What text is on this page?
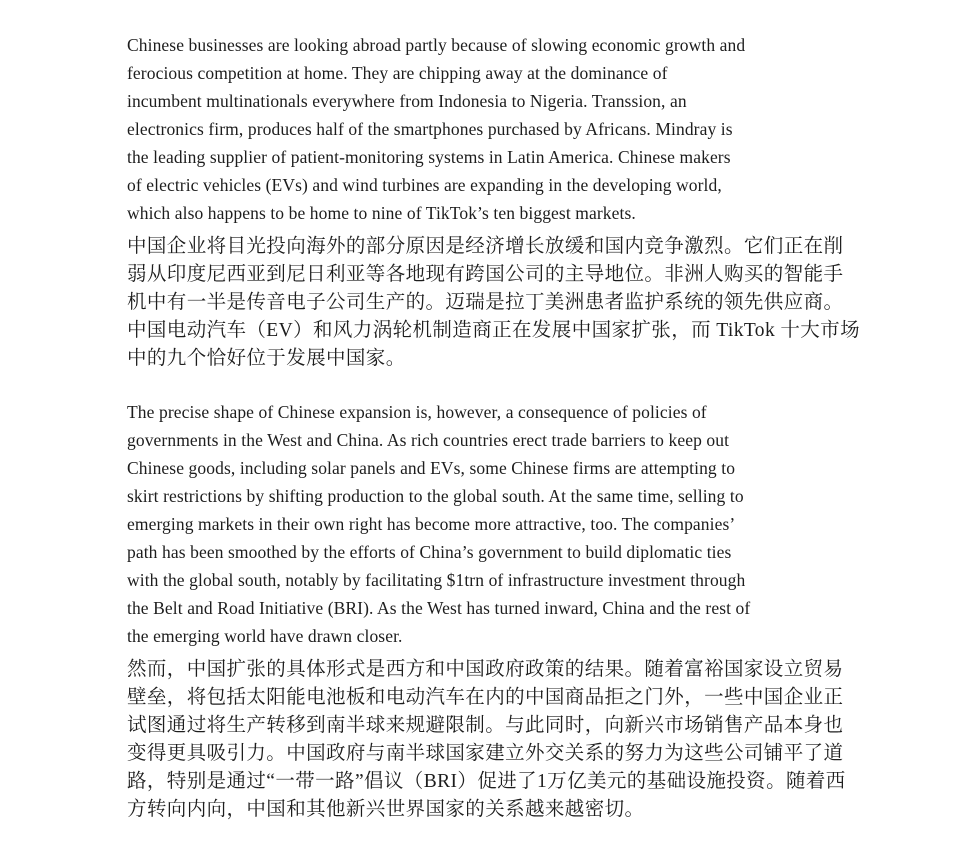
Chinese businesses are looking abroad partly because of slowing economic growth and
ferocious competition at home. They are chipping away at the dominance of
incumbent multinationals everywhere from Indonesia to Nigeria. Transsion, an
electronics firm, produces half of the smartphones purchased by Africans. Mindray is
the leading supplier of patient-monitoring systems in Latin America. Chinese makers
of electric vehicles (EVs) and wind turbines are expanding in the developing world,
which also happens to be home to nine of TikTok’s ten biggest markets.

中国企业将目光投向海外的部分原因是经济增长放缓和国内竞争激烈。它们正在削
弱从印度尼西亚到尼日利亚等各地现有跨国公司的主导地位。非洲人购买的智能手
机中有一半是传音电子公司生产的。迈瑞是拉丁美洲患者监护系统的领先供应商。
中国电动汽车（EV）和风力涡轮机制造商正在发展中国家扩张，而 TikTok 十大市场
中的九个恰好位于发展中国家。

The precise shape of Chinese expansion is, however, a consequence of policies of
governments in the West and China. As rich countries erect trade barriers to keep out
Chinese goods, including solar panels and EVs, some Chinese firms are attempting to
skirt restrictions by shifting production to the global south. At the same time, selling to
emerging markets in their own right has become more attractive, too. The companies’
path has been smoothed by the efforts of China’s government to build diplomatic ties
with the global south, notably by facilitating $1trn of infrastructure investment through
the Belt and Road Initiative (BRI). As the West has turned inward, China and the rest of
the emerging world have drawn closer.

然而，中国扩张的具体形式是西方和中国政府政策的结果。随着富裕国家设立贸易
壁垒，将包括太阳能电池板和电动汽车在内的中国商品拒之门外，一些中国企业正
试图通过将生产转移到南半球来规避限制。与此同时，向新兴市场销售产品本身也
变得更具吸引力。中国政府与南半球国家建立外交关系的努力为这些公司铺平了道
路，特别是通过“一带一路”倡议（BRI）促进了1万亿美元的基础设施投资。随着西
方转向内向，中国和其他新兴世界国家的关系越来越密切。
